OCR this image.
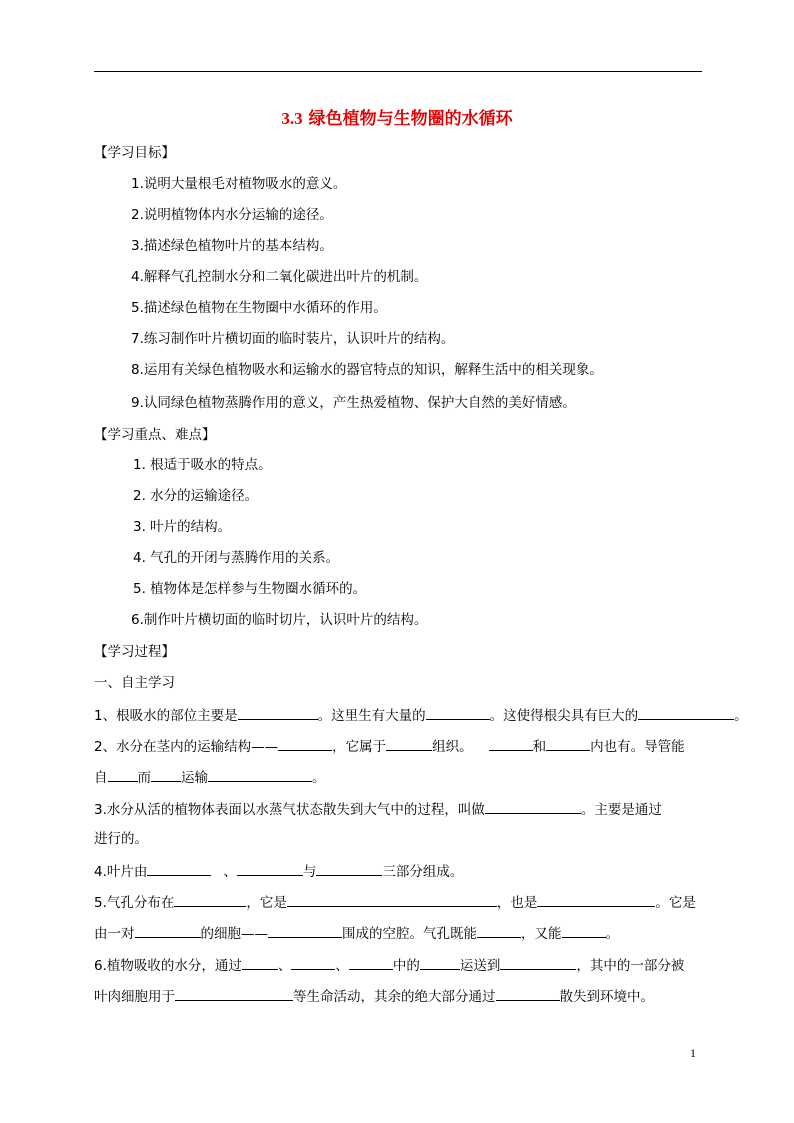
3.3 绿色植物与生物圈的水循环
【学习目标】
1.说明大量根毛对植物吸水的意义。
2.说明植物体内水分运输的途径。
3.描述绿色植物叶片的基本结构。
4.解释气孔控制水分和二氧化碳进出叶片的机制。
5.描述绿色植物在生物圈中水循环的作用。
7.练习制作叶片横切面的临时装片，认识叶片的结构。
8.运用有关绿色植物吸水和运输水的器官特点的知识，解释生活中的相关现象。
9.认同绿色植物蒸腾作用的意义，产生热爱植物、保护大自然的美好情感。
【学习重点、难点】
1. 根适于吸水的特点。
2. 水分的运输途径。
3. 叶片的结构。
4. 气孔的开闭与蒸腾作用的关系。
5. 植物体是怎样参与生物圈水循环的。
6.制作叶片横切面的临时切片，认识叶片的结构。
【学习过程】
一、自主学习
1、根吸水的部位主要是	。这里生有大量的	。这使得根尖具有巨大的	。
2、水分在茎内的运输结构——	，它属于	组织。	和	内也有。导管能
自 而 运输	。
3.水分从活的植物体表面以水蒸气状态散失到大气中的过程，叫做	。主要是通过
进行的。
4.叶片由	、	与	三部分组成。
5.气孔分布在	，它是	，也是	。它是
由一对	的细胞——	围成的空腔。气孔既能	，又能	。
6.植物吸收的水分，通过	、	、	中的	运送到	，其中的一部分被
叶肉细胞用于	等生命活动，其余的绝大部分通过	散失到环境中。
1
